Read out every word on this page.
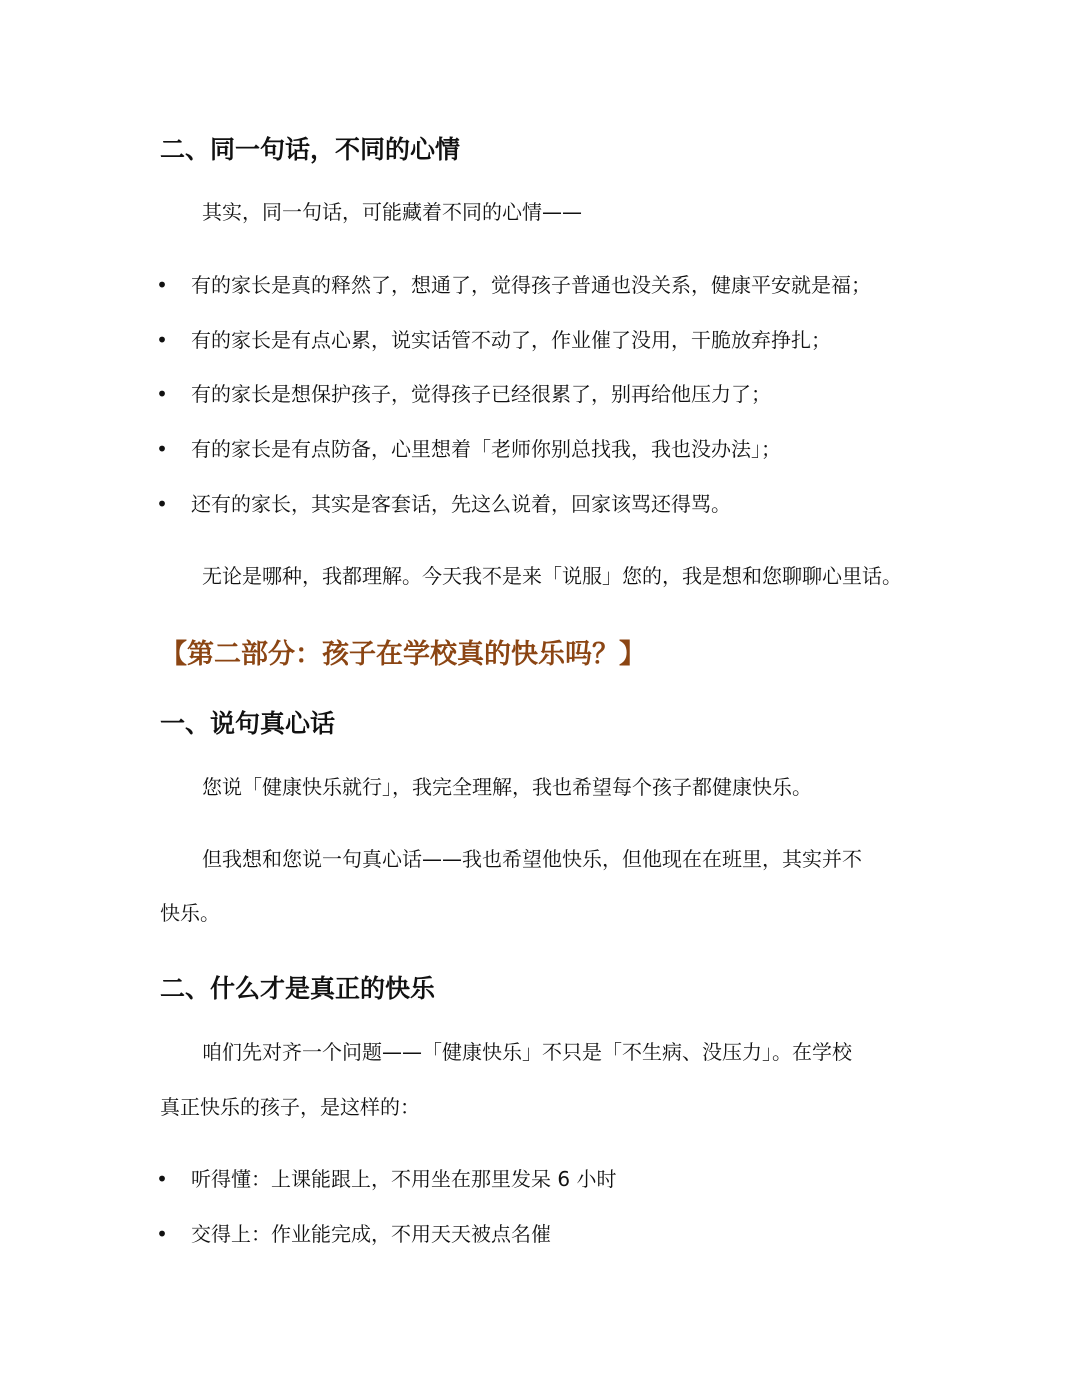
二、同一句话，不同的心情
其实，同一句话，可能藏着不同的心情——
• 有的家长是真的释然了，想通了，觉得孩子普通也没关系，健康平安就是福；
• 有的家长是有点心累，说实话管不动了，作业催了没用，干脆放弃挣扎；
• 有的家长是想保护孩子，觉得孩子已经很累了，别再给他压力了；
• 有的家长是有点防备，心里想着「老师你别总找我，我也没办法」；
• 还有的家长，其实是客套话，先这么说着，回家该骂还得骂。
无论是哪种，我都理解。今天我不是来「说服」您的，我是想和您聊聊心里话。
【第二部分：孩子在学校真的快乐吗？】
一、说句真心话
您说「健康快乐就行」，我完全理解，我也希望每个孩子都健康快乐。
但我想和您说一句真心话——我也希望他快乐，但他现在在班里，其实并不
快乐。
二、什么才是真正的快乐
咱们先对齐一个问题——「健康快乐」不只是「不生病、没压力」。在学校
真正快乐的孩子，是这样的：
• 听得懂：上课能跟上，不用坐在那里发呆 6 小时
• 交得上：作业能完成，不用天天被点名催
